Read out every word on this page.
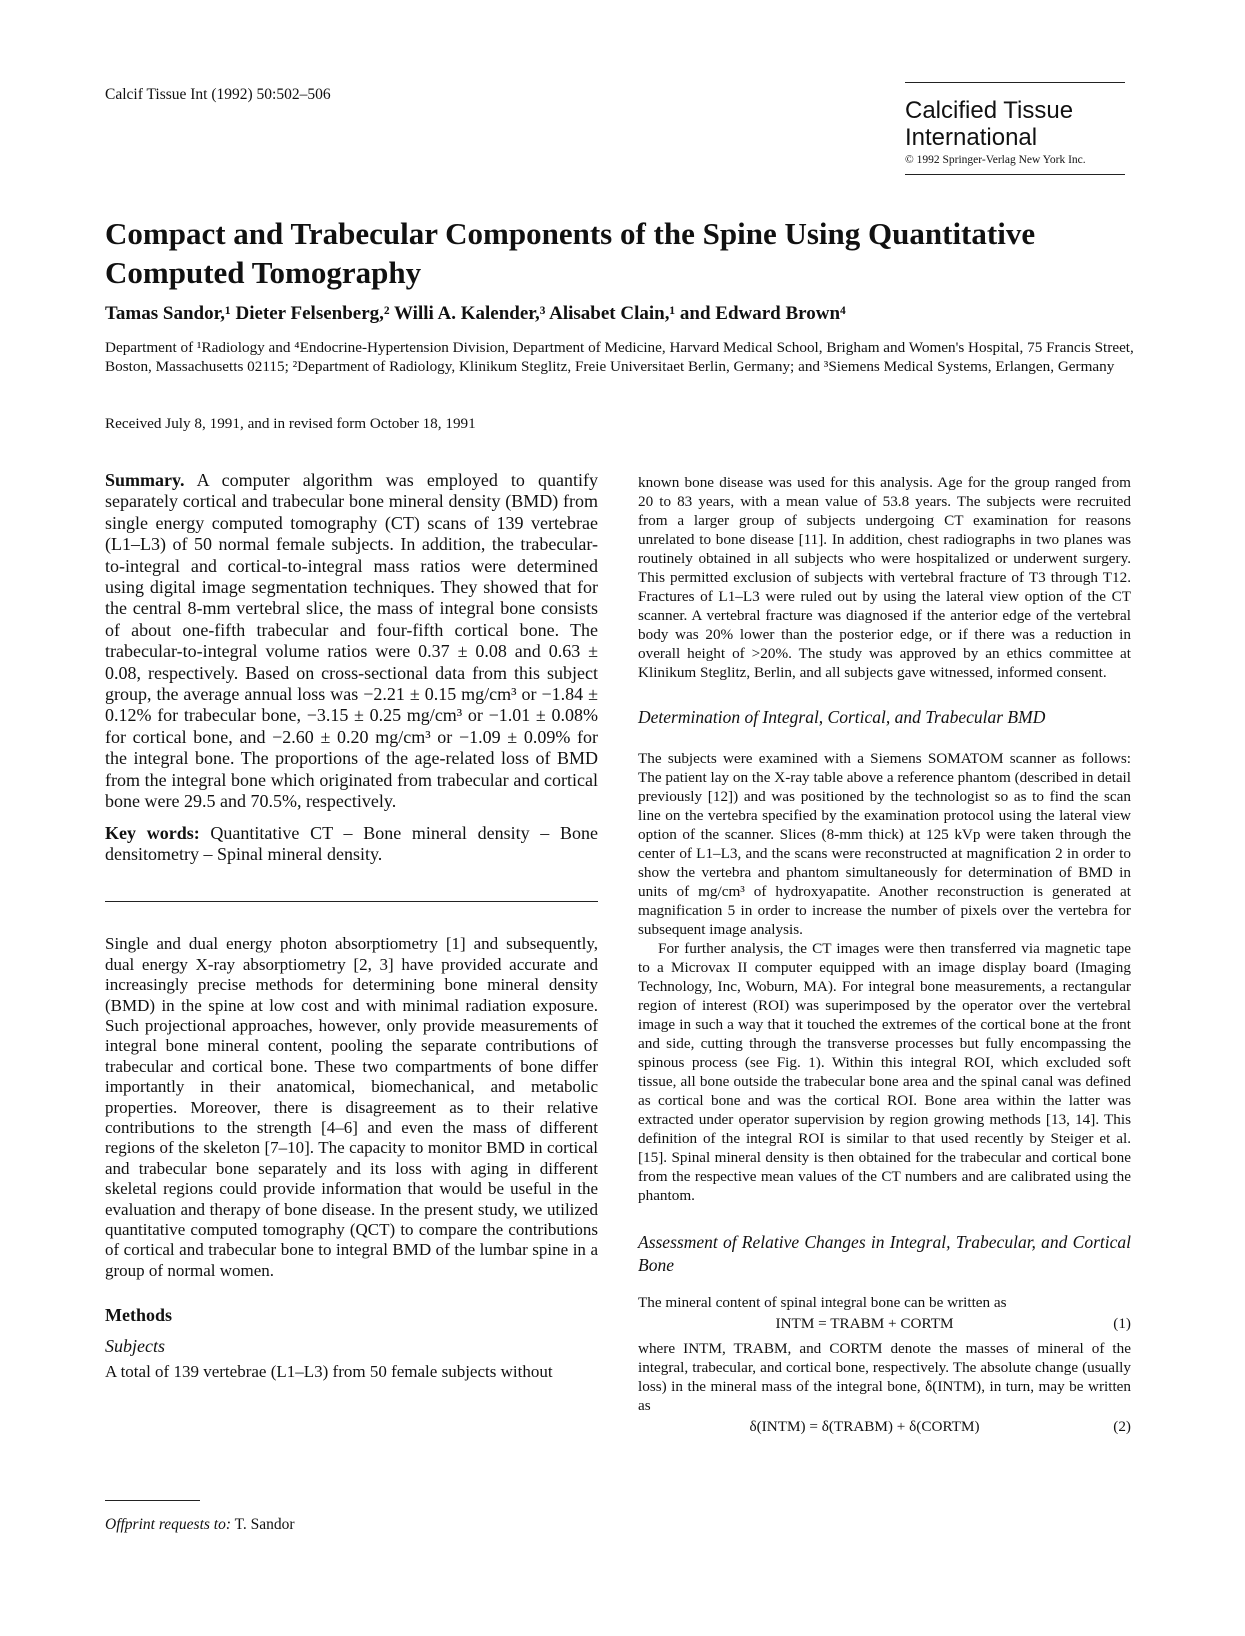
Calcif Tissue Int (1992) 50:502–506
Calcified Tissue
International
© 1992 Springer-Verlag New York Inc.
Compact and Trabecular Components of the Spine Using Quantitative Computed Tomography
Tamas Sandor,¹ Dieter Felsenberg,² Willi A. Kalender,³ Alisabet Clain,¹ and Edward Brown⁴
Department of ¹Radiology and ⁴Endocrine-Hypertension Division, Department of Medicine, Harvard Medical School, Brigham and Women's Hospital, 75 Francis Street, Boston, Massachusetts 02115; ²Department of Radiology, Klinikum Steglitz, Freie Universitaet Berlin, Germany; and ³Siemens Medical Systems, Erlangen, Germany
Received July 8, 1991, and in revised form October 18, 1991

Summary. A computer algorithm was employed to quantify separately cortical and trabecular bone mineral density (BMD) from single energy computed tomography (CT) scans of 139 vertebrae (L1–L3) of 50 normal female subjects. In addition, the trabecular-to-integral and cortical-to-integral mass ratios were determined using digital image segmentation techniques. They showed that for the central 8-mm vertebral slice, the mass of integral bone consists of about one-fifth trabecular and four-fifth cortical bone. The trabecular-to-integral volume ratios were 0.37 ± 0.08 and 0.63 ± 0.08, respectively. Based on cross-sectional data from this subject group, the average annual loss was −2.21 ± 0.15 mg/cm³ or −1.84 ± 0.12% for trabecular bone, −3.15 ± 0.25 mg/cm³ or −1.01 ± 0.08% for cortical bone, and −2.60 ± 0.20 mg/cm³ or −1.09 ± 0.09% for the integral bone. The proportions of the age-related loss of BMD from the integral bone which originated from trabecular and cortical bone were 29.5 and 70.5%, respectively.

Key words: Quantitative CT – Bone mineral density – Bone densitometry – Spinal mineral density.

Single and dual energy photon absorptiometry [1] and subsequently, dual energy X-ray absorptiometry [2, 3] have provided accurate and increasingly precise methods for determining bone mineral density (BMD) in the spine at low cost and with minimal radiation exposure. Such projectional approaches, however, only provide measurements of integral bone mineral content, pooling the separate contributions of trabecular and cortical bone. These two compartments of bone differ importantly in their anatomical, biomechanical, and metabolic properties. Moreover, there is disagreement as to their relative contributions to the strength [4–6] and even the mass of different regions of the skeleton [7–10]. The capacity to monitor BMD in cortical and trabecular bone separately and its loss with aging in different skeletal regions could provide information that would be useful in the evaluation and therapy of bone disease. In the present study, we utilized quantitative computed tomography (QCT) to compare the contributions of cortical and trabecular bone to integral BMD of the lumbar spine in a group of normal women.

Methods
Subjects

A total of 139 vertebrae (L1–L3) from 50 female subjects without

known bone disease was used for this analysis. Age for the group ranged from 20 to 83 years, with a mean value of 53.8 years. The subjects were recruited from a larger group of subjects undergoing CT examination for reasons unrelated to bone disease [11]. In addition, chest radiographs in two planes was routinely obtained in all subjects who were hospitalized or underwent surgery. This permitted exclusion of subjects with vertebral fracture of T3 through T12. Fractures of L1–L3 were ruled out by using the lateral view option of the CT scanner. A vertebral fracture was diagnosed if the anterior edge of the vertebral body was 20% lower than the posterior edge, or if there was a reduction in overall height of >20%. The study was approved by an ethics committee at Klinikum Steglitz, Berlin, and all subjects gave witnessed, informed consent.

Determination of Integral, Cortical, and Trabecular BMD

The subjects were examined with a Siemens SOMATOM scanner as follows: The patient lay on the X-ray table above a reference phantom (described in detail previously [12]) and was positioned by the technologist so as to find the scan line on the vertebra specified by the examination protocol using the lateral view option of the scanner. Slices (8-mm thick) at 125 kVp were taken through the center of L1–L3, and the scans were reconstructed at magnification 2 in order to show the vertebra and phantom simultaneously for determination of BMD in units of mg/cm³ of hydroxyapatite. Another reconstruction is generated at magnification 5 in order to increase the number of pixels over the vertebra for subsequent image analysis.

For further analysis, the CT images were then transferred via magnetic tape to a Microvax II computer equipped with an image display board (Imaging Technology, Inc, Woburn, MA). For integral bone measurements, a rectangular region of interest (ROI) was superimposed by the operator over the vertebral image in such a way that it touched the extremes of the cortical bone at the front and side, cutting through the transverse processes but fully encompassing the spinous process (see Fig. 1). Within this integral ROI, which excluded soft tissue, all bone outside the trabecular bone area and the spinal canal was defined as cortical bone and was the cortical ROI. Bone area within the latter was extracted under operator supervision by region growing methods [13, 14]. This definition of the integral ROI is similar to that used recently by Steiger et al. [15]. Spinal mineral density is then obtained for the trabecular and cortical bone from the respective mean values of the CT numbers and are calibrated using the phantom.

Assessment of Relative Changes in Integral, Trabecular, and Cortical Bone

The mineral content of spinal integral bone can be written as

INTM = TRABM + CORTM	(1)

where INTM, TRABM, and CORTM denote the masses of mineral of the integral, trabecular, and cortical bone, respectively. The absolute change (usually loss) in the mineral mass of the integral bone, δ(INTM), in turn, may be written as

δ(INTM) = δ(TRABM) + δ(CORTM)	(2)
Offprint requests to: T. Sandor
